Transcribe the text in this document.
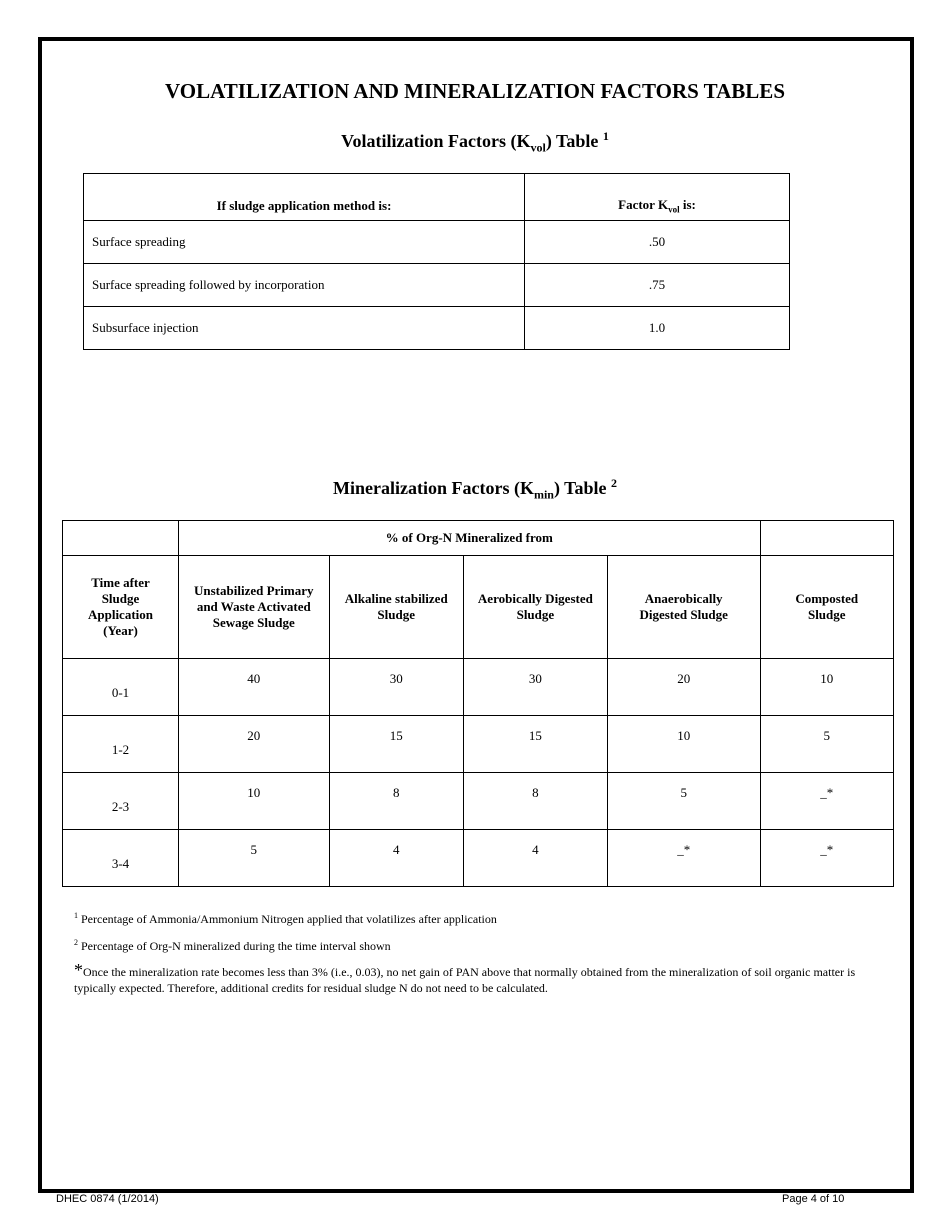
VOLATILIZATION AND MINERALIZATION FACTORS TABLES
Volatilization Factors $(K_{vol})$ Table $^1$
If sludge application method is:	Factor $K_{vol}$ is:
Surface spreading	.50
Surface spreading followed by incorporation	.75
Subsurface injection	1.0
Mineralization Factors $(K_{min})$ Table $^2$
	% of Org-N Mineralized from				
Time after Sludge Application (Year)	Unstabilized Primary and Waste Activated Sewage Sludge	Alkaline stabilized Sludge	Aerobically Digested Sludge	Anaerobically Digested Sludge	Composted Sludge
0-1	40	30	30	20	10
1-2	20	15	15	10	5
2-3	10	8	8	5	_*
3-4	5	4	4	_*	_*
$^1$ Percentage of Ammonia/Ammonium Nitrogen applied that volatilizes after application
$^2$ Percentage of Org-N mineralized during the time interval shown
*Once the mineralization rate becomes less than 3% (i.e., 0.03), no net gain of PAN above that normally obtained from the mineralization of soil organic matter is typically expected. Therefore, additional credits for residual sludge N do not need to be calculated.
DHEC 0874 (1/2014)	Page 4 of 10
